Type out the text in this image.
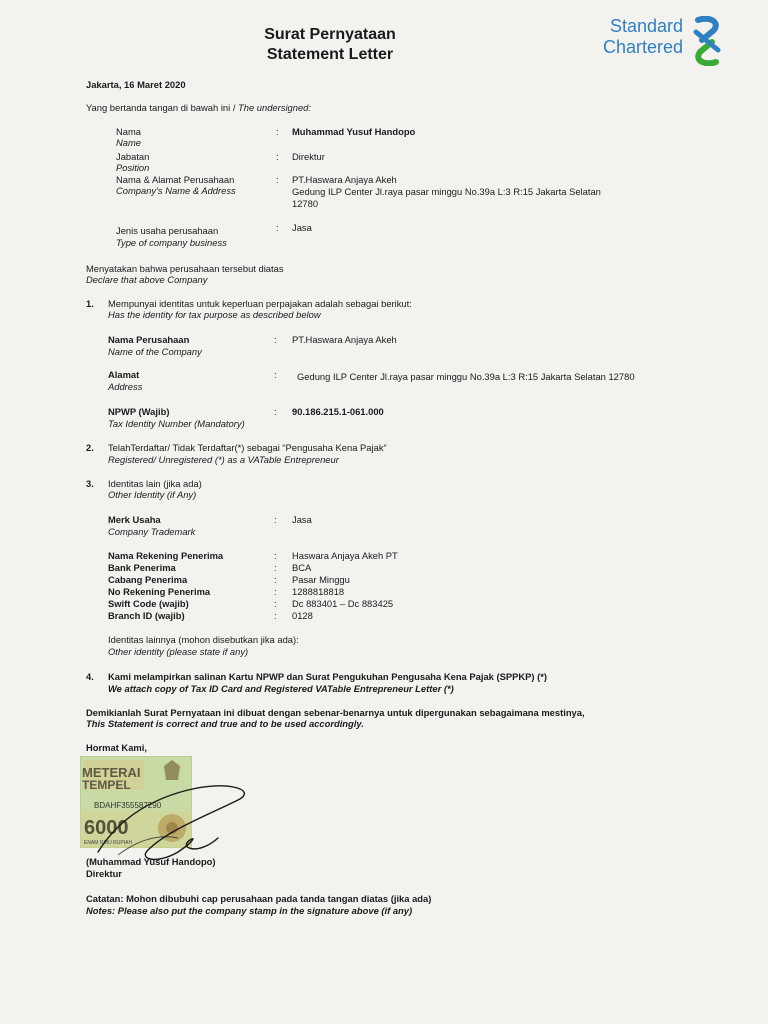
Surat Pernyataan
Statement Letter
Standard
Chartered
Jakarta, 16 Maret 2020
Yang bertanda tangan di bawah ini / The undersigned:
Nama
Name
: Muhammad Yusuf Handopo
Jabatan
Position
: Direktur
Nama & Alamat Perusahaan
Company's Name & Address
: PT.Haswara Anjaya Akeh
Gedung ILP Center Jl.raya pasar minggu No.39a L:3 R:15 Jakarta Selatan
12780
Jenis usaha perusahaan
Type of company business
: Jasa
Menyatakan bahwa perusahaan tersebut diatas
Declare that above Company
1. Mempunyai identitas untuk keperluan perpajakan adalah sebagai berikut:
Has the identity for tax purpose as described below
Nama Perusahaan
Name of the Company
: PT.Haswara Anjaya Akeh
Alamat
Address
: Gedung ILP Center Jl.raya pasar minggu No.39a L:3 R:15 Jakarta Selatan 12780
NPWP (Wajib)
Tax Identity Number (Mandatory)
: 90.186.215.1-061.000
2. TelahTerdaftar/ Tidak Terdaftar(*) sebagai “Pengusaha Kena Pajak”
Registered/ Unregistered (*) as a VATable Entrepreneur
3. Identitas lain (jika ada)
Other Identity (if Any)
Merk Usaha
Company Trademark
: Jasa
Nama Rekening Penerima	: Haswara Anjaya Akeh PT
Bank Penerima	: BCA
Cabang Penerima	: Pasar Minggu
No Rekening Penerima	: 1288818818
Swift Code (wajib)	: Dc 883401 – Dc 883425
Branch ID (wajib)	: 0128
Identitas lainnya (mohon disebutkan jika ada):
Other identity (please state if any)
4. Kami melampirkan salinan Kartu NPWP dan Surat Pengukuhan Pengusaha Kena Pajak (SPPKP) (*)
We attach copy of Tax ID Card and Registered VATable Entrepreneur Letter (*)
Demikianlah Surat Pernyataan ini dibuat dengan sebenar-benarnya untuk dipergunakan sebagaimana mestinya,
This Statement is correct and true and to be used accordingly.
Hormat Kami,
METERAI
TEMPEL
BDAHF355587290
6000
ENAM RIBU RUPIAH
(Muhammad Yusuf Handopo)
Direktur
Catatan: Mohon dibubuhi cap perusahaan pada tanda tangan diatas (jika ada)
Notes: Please also put the company stamp in the signature above (if any)
